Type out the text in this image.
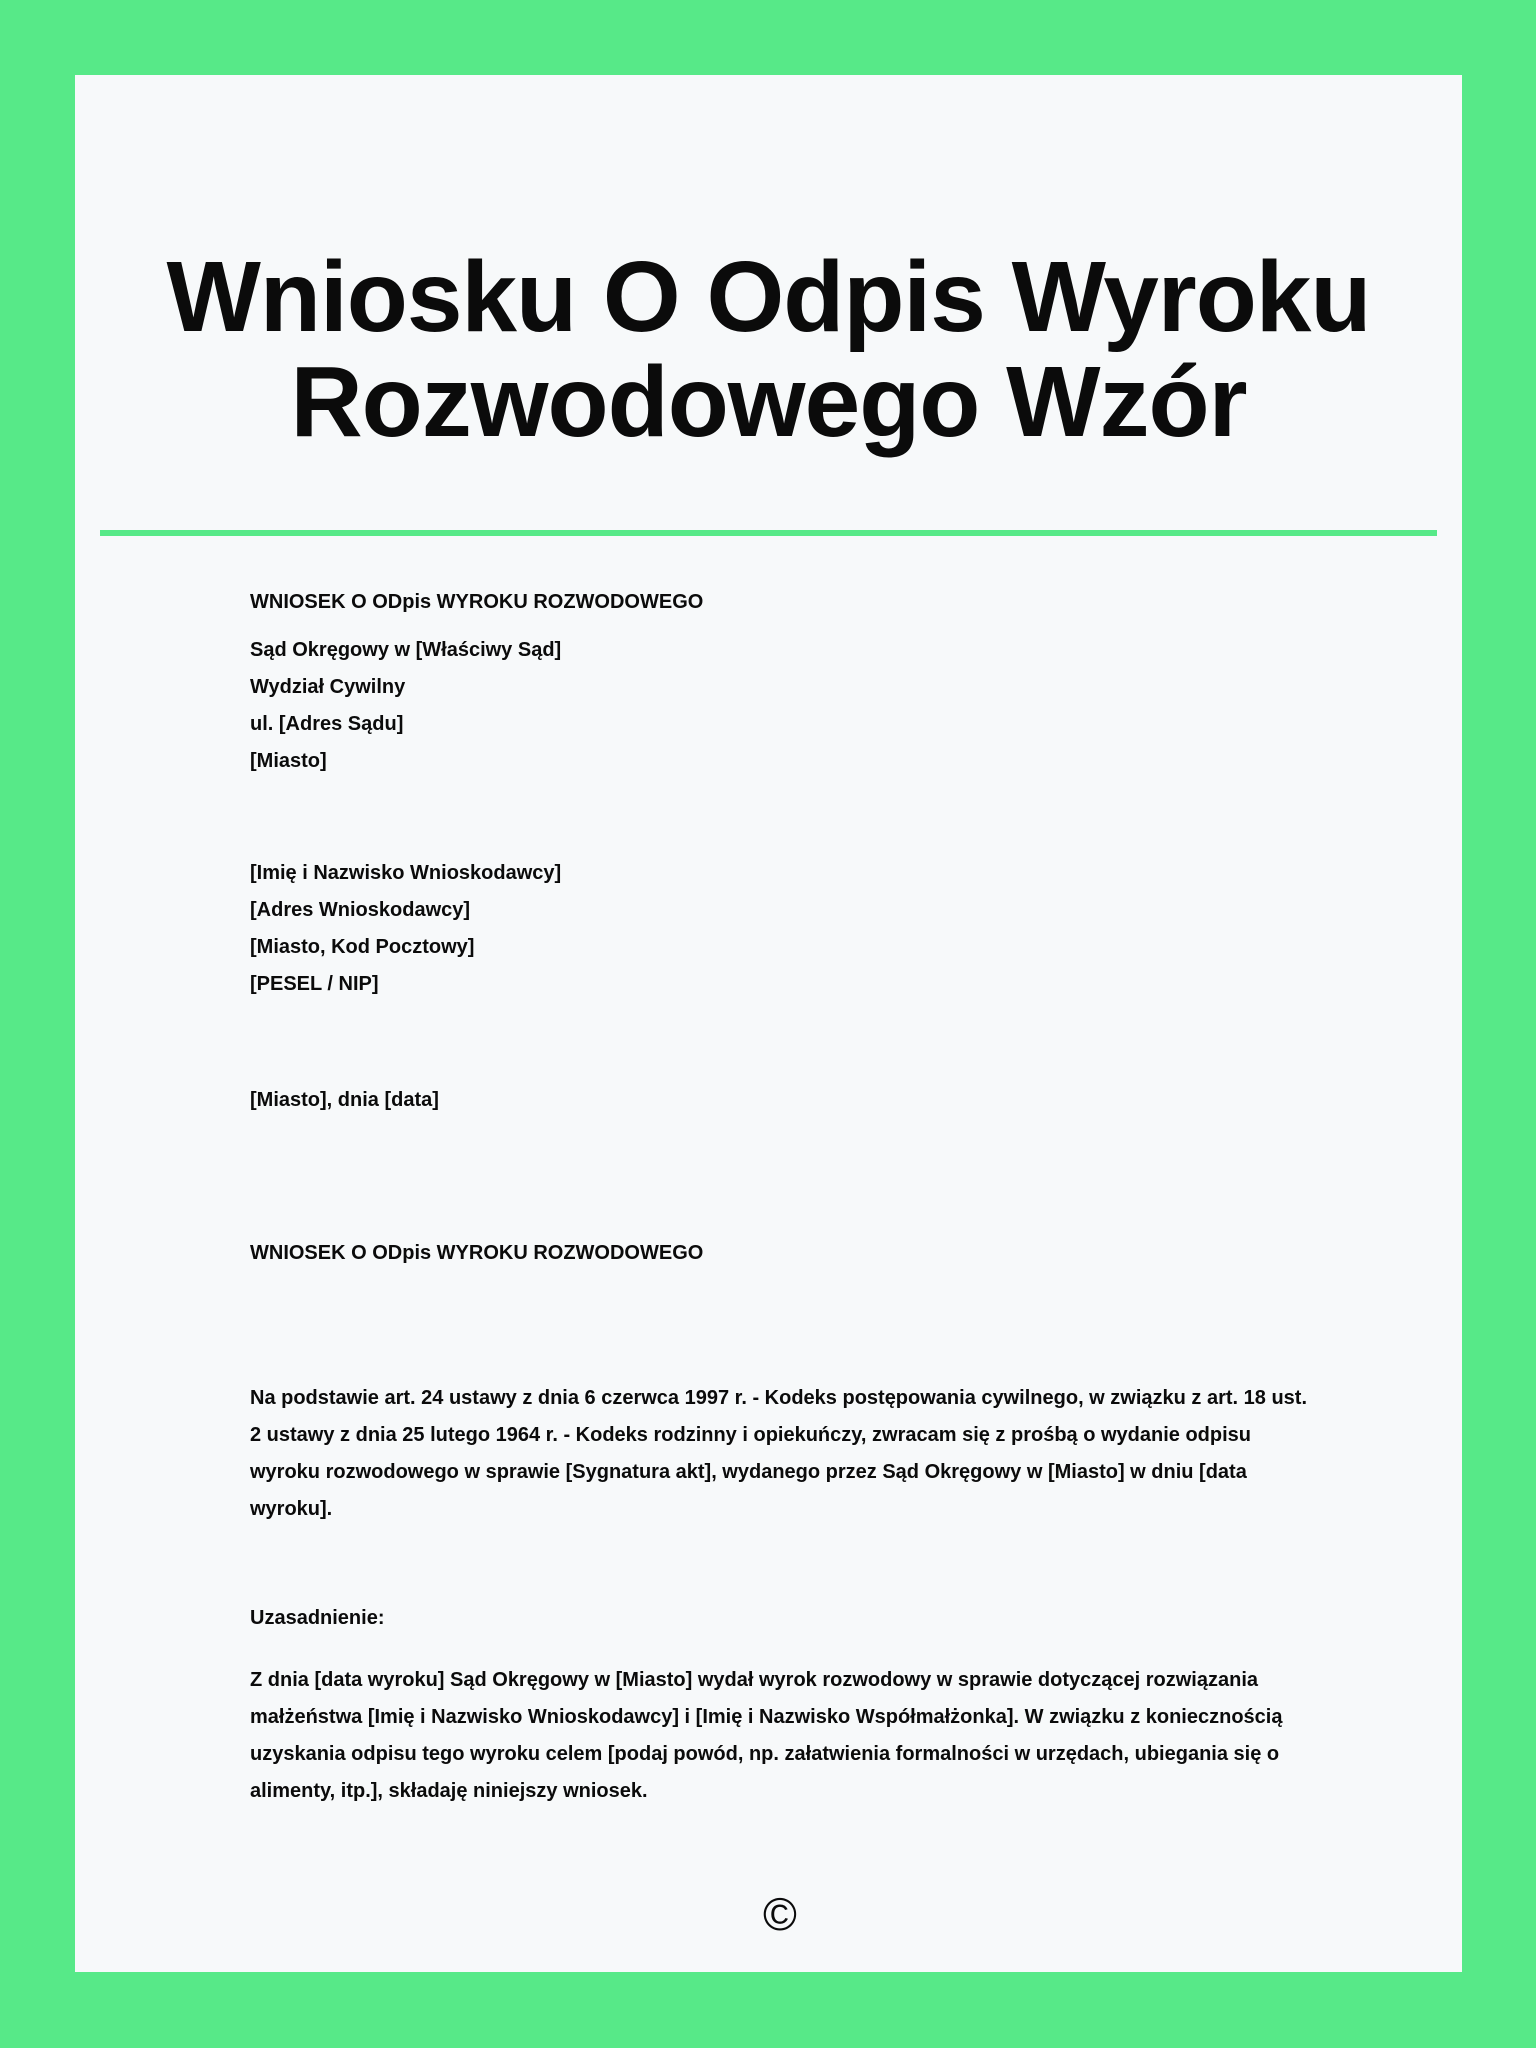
Wniosku O Odpis Wyroku
Rozwodowego Wzór
WNIOSEK O ODpis WYROKU ROZWODOWEGO
Sąd Okręgowy w [Właściwy Sąd]
Wydział Cywilny
ul. [Adres Sądu]
[Miasto]
[Imię i Nazwisko Wnioskodawcy]
[Adres Wnioskodawcy]
[Miasto, Kod Pocztowy]
[PESEL / NIP]
[Miasto], dnia [data]
WNIOSEK O ODpis WYROKU ROZWODOWEGO
Na podstawie art. 24 ustawy z dnia 6 czerwca 1997 r. - Kodeks postępowania cywilnego, w związku z art. 18 ust. 2 ustawy z dnia 25 lutego 1964 r. - Kodeks rodzinny i opiekuńczy, zwracam się z prośbą o wydanie odpisu wyroku rozwodowego w sprawie [Sygnatura akt], wydanego przez Sąd Okręgowy w [Miasto] w dniu [data wyroku].
Uzasadnienie:
Z dnia [data wyroku] Sąd Okręgowy w [Miasto] wydał wyrok rozwodowy w sprawie dotyczącej rozwiązania małżeństwa [Imię i Nazwisko Wnioskodawcy] i [Imię i Nazwisko Współmałżonka]. W związku z koniecznością uzyskania odpisu tego wyroku celem [podaj powód, np. załatwienia formalności w urzędach, ubiegania się o alimenty, itp.], składaję niniejszy wniosek.
©
